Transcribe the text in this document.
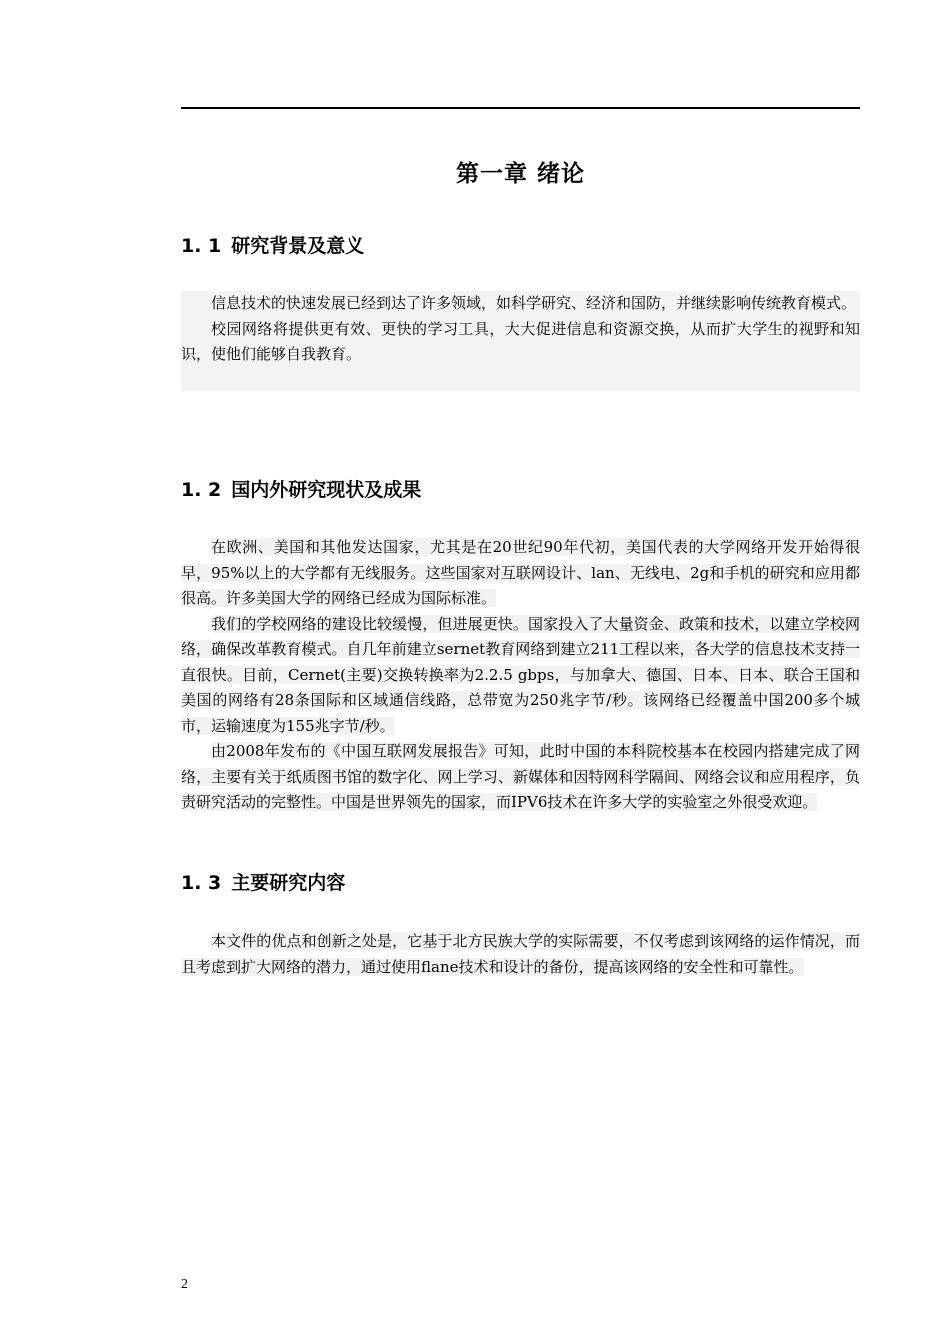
第一章 绪论
1. 1 研究背景及意义

信息技术的快速发展已经到达了许多领域，如科学研究、经济和国防，并继续影响传统教育模式。

校园网络将提供更有效、更快的学习工具，大大促进信息和资源交换，从而扩大学生的视野和知识，使他们能够自我教育。

1. 2 国内外研究现状及成果

在欧洲、美国和其他发达国家，尤其是在20世纪90年代初，美国代表的大学网络开发开始得很早，95%以上的大学都有无线服务。这些国家对互联网设计、lan、无线电、2g和手机的研究和应用都很高。许多美国大学的网络已经成为国际标准。

我们的学校网络的建设比较缓慢，但进展更快。国家投入了大量资金、政策和技术，以建立学校网络，确保改革教育模式。自几年前建立sernet教育网络到建立211工程以来，各大学的信息技术支持一直很快。目前，Cernet(主要)交换转换率为2.2.5 gbps，与加拿大、德国、日本、日本、联合王国和美国的网络有28条国际和区域通信线路，总带宽为250兆字节/秒。该网络已经覆盖中国200多个城市，运输速度为155兆字节/秒。

由2008年发布的《中国互联网发展报告》可知，此时中国的本科院校基本在校园内搭建完成了网络，主要有关于纸质图书馆的数字化、网上学习、新媒体和因特网科学隔间、网络会议和应用程序，负责研究活动的完整性。中国是世界领先的国家，而IPV6技术在许多大学的实验室之外很受欢迎。

1. 3 主要研究内容

本文件的优点和创新之处是，它基于北方民族大学的实际需要，不仅考虑到该网络的运作情况，而且考虑到扩大网络的潜力，通过使用flane技术和设计的备份，提高该网络的安全性和可靠性。

2
